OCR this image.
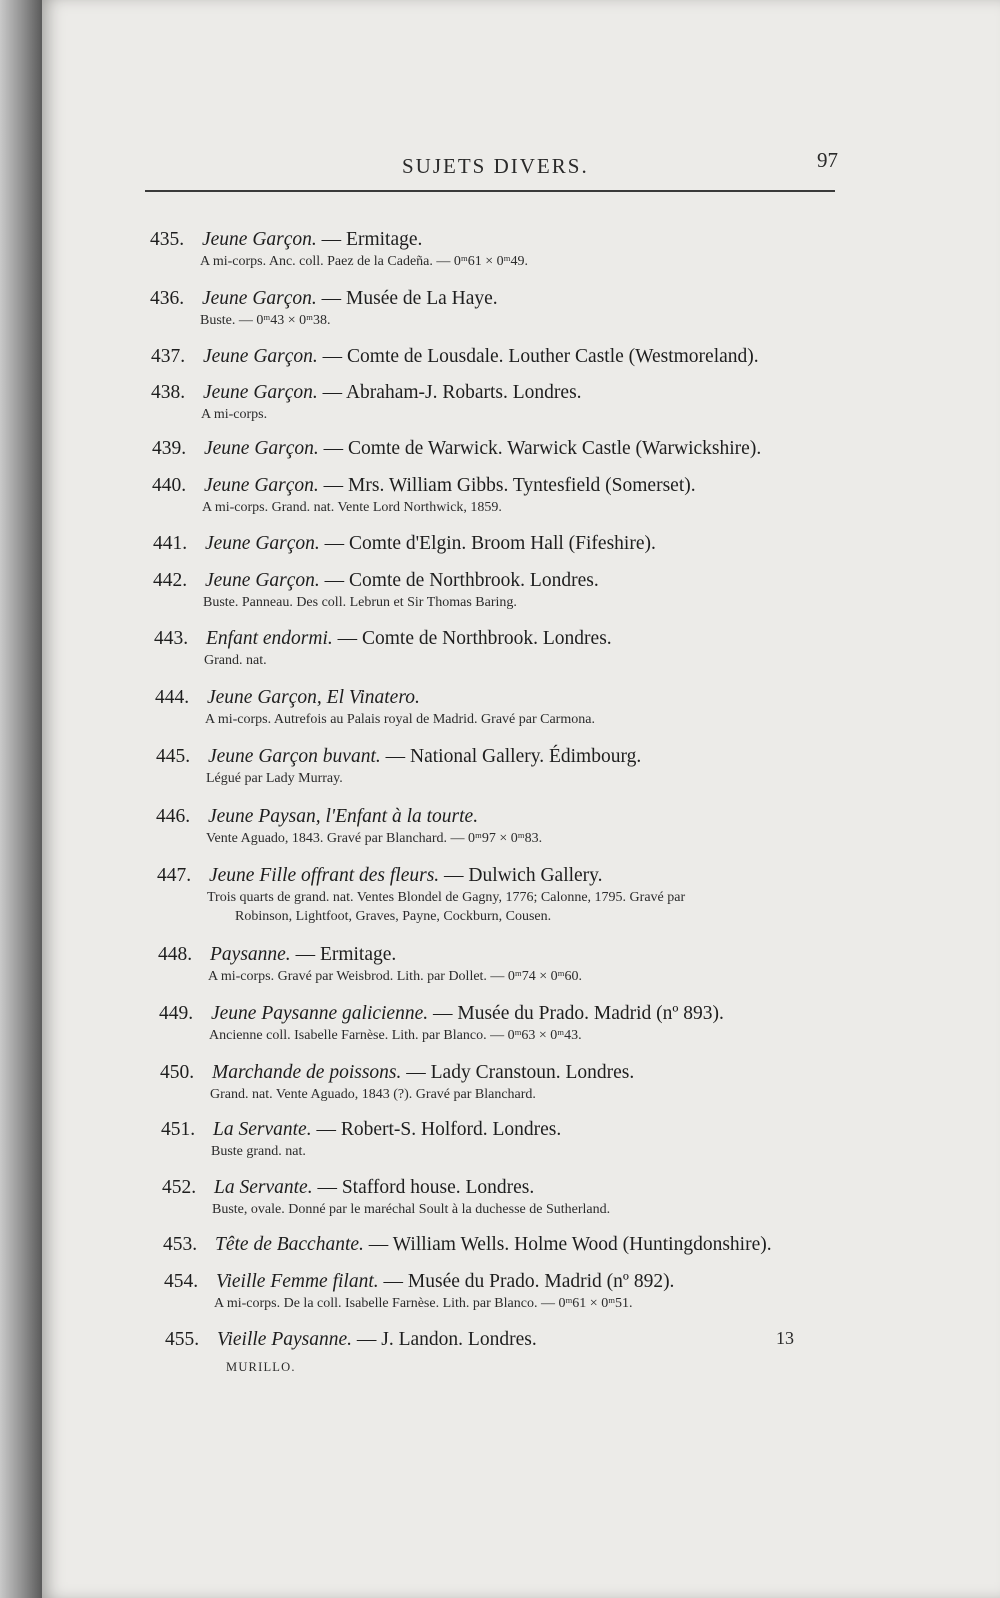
SUJETS DIVERS.	97
435. Jeune Garçon. — Ermitage.
A mi-corps. Anc. coll. Paez de la Cadeña. — 0ᵐ61 × 0ᵐ49.
436. Jeune Garçon. — Musée de La Haye.
Buste. — 0ᵐ43 × 0ᵐ38.
437. Jeune Garçon. — Comte de Lousdale. Louther Castle (Westmoreland).
438. Jeune Garçon. — Abraham-J. Robarts. Londres.
A mi-corps.
439. Jeune Garçon. — Comte de Warwick. Warwick Castle (Warwickshire).
440. Jeune Garçon. — Mrs. William Gibbs. Tyntesfield (Somerset).
A mi-corps. Grand. nat. Vente Lord Northwick, 1859.
441. Jeune Garçon. — Comte d'Elgin. Broom Hall (Fifeshire).
442. Jeune Garçon. — Comte de Northbrook. Londres.
Buste. Panneau. Des coll. Lebrun et Sir Thomas Baring.
443. Enfant endormi. — Comte de Northbrook. Londres.
Grand. nat.
444. Jeune Garçon, El Vinatero.
A mi-corps. Autrefois au Palais royal de Madrid. Gravé par Carmona.
445. Jeune Garçon buvant. — National Gallery. Édimbourg.
Légué par Lady Murray.
446. Jeune Paysan, l'Enfant à la tourte.
Vente Aguado, 1843. Gravé par Blanchard. — 0ᵐ97 × 0ᵐ83.
447. Jeune Fille offrant des fleurs. — Dulwich Gallery.
Trois quarts de grand. nat. Ventes Blondel de Gagny, 1776; Calonne, 1795. Gravé par
Robinson, Lightfoot, Graves, Payne, Cockburn, Cousen.
448. Paysanne. — Ermitage.
A mi-corps. Gravé par Weisbrod. Lith. par Dollet. — 0ᵐ74 × 0ᵐ60.
449. Jeune Paysanne galicienne. — Musée du Prado. Madrid (nº 893).
Ancienne coll. Isabelle Farnèse. Lith. par Blanco. — 0ᵐ63 × 0ᵐ43.
450. Marchande de poissons. — Lady Cranstoun. Londres.
Grand. nat. Vente Aguado, 1843 (?). Gravé par Blanchard.
451. La Servante. — Robert-S. Holford. Londres.
Buste grand. nat.
452. La Servante. — Stafford house. Londres.
Buste, ovale. Donné par le maréchal Soult à la duchesse de Sutherland.
453. Tête de Bacchante. — William Wells. Holme Wood (Huntingdonshire).
454. Vieille Femme filant. — Musée du Prado. Madrid (nº 892).
A mi-corps. De la coll. Isabelle Farnèse. Lith. par Blanco. — 0ᵐ61 × 0ᵐ51.
455. Vieille Paysanne. — J. Landon. Londres.	13
MURILLO.
